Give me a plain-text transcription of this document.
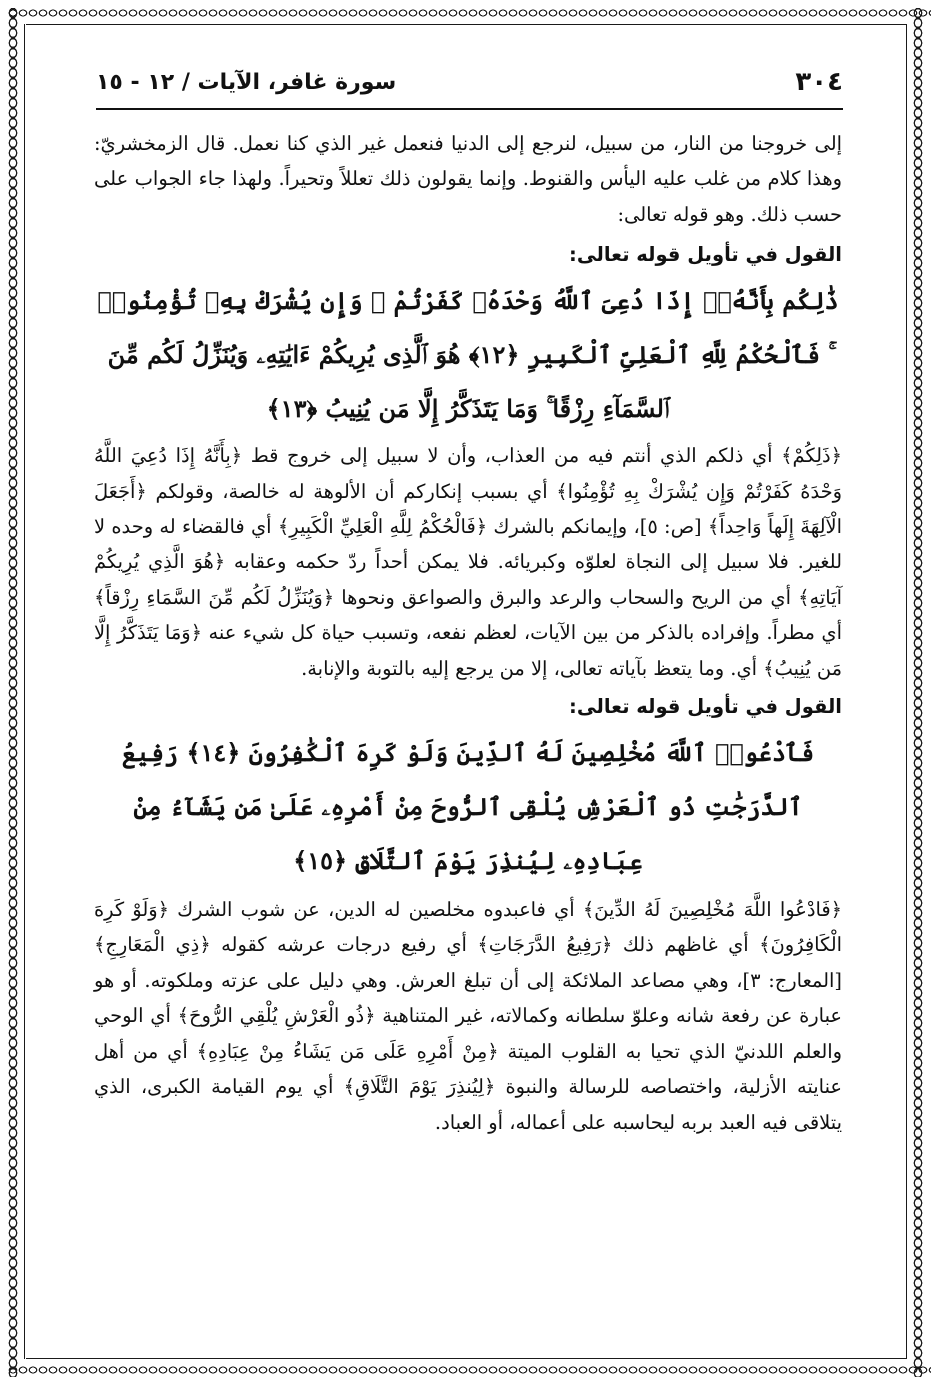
٣٠٤
سورة غافر، الآيات / ١٢ - ١٥

إلى خروجنا من النار، من سبيل، لنرجع إلى الدنيا فنعمل غير الذي كنا نعمل. قال الزمخشريّ: وهذا كلام من غلب عليه اليأس والقنوط. وإنما يقولون ذلك تعللاً وتحيراً. ولهذا جاء الجواب على حسب ذلك. وهو قوله تعالى:

القول في تأويل قوله تعالى:

ذَٰلِكُم بِأَنَّهُۥٓ إِذَا دُعِىَ ٱللَّهُ وَحْدَهُۥ كَفَرْتُمْ ۖ وَإِن يُشْرَكْ بِهِۦ تُؤْمِنُوا۟ ۚ فَٱلْحُكْمُ لِلَّهِ ٱلْعَلِىِّ ٱلْكَبِيرِ ﴿١٢﴾ هُوَ ٱلَّذِى يُرِيكُمْ ءَايَٰتِهِۦ وَيُنَزِّلُ لَكُم مِّنَ ٱلسَّمَآءِ رِزْقًا ۚ وَمَا يَتَذَكَّرُ إِلَّا مَن يُنِيبُ ﴿١٣﴾

﴿ذَلِكُمْ﴾ أي ذلكم الذي أنتم فيه من العذاب، وأن لا سبيل إلى خروج قط ﴿بِأَنَّهُ إِذَا دُعِيَ اللَّهُ وَحْدَهُ كَفَرْتُمْ وَإِن يُشْرَكْ بِهِ تُؤْمِنُوا﴾ أي بسبب إنكاركم أن الألوهة له خالصة، وقولكم ﴿أَجَعَلَ الْآلِهَةَ إِلَهاً وَاحِداً﴾ [ص: ٥]، وإيمانكم بالشرك ﴿فَالْحُكْمُ لِلَّهِ الْعَلِيِّ الْكَبِيرِ﴾ أي فالقضاء له وحده لا للغير. فلا سبيل إلى النجاة لعلوّه وكبريائه. فلا يمكن أحداً ردّ حكمه وعقابه ﴿هُوَ الَّذِي يُرِيكُمْ آيَاتِهِ﴾ أي من الريح والسحاب والرعد والبرق والصواعق ونحوها ﴿وَيُنَزِّلُ لَكُم مِّنَ السَّمَاءِ رِزْقاً﴾ أي مطراً. وإفراده بالذكر من بين الآيات، لعظم نفعه، وتسبب حياة كل شيء عنه ﴿وَمَا يَتَذَكَّرُ إِلَّا مَن يُنِيبُ﴾ أي. وما يتعظ بآياته تعالى، إلا من يرجع إليه بالتوبة والإنابة.

القول في تأويل قوله تعالى:

فَٱدْعُوا۟ ٱللَّهَ مُخْلِصِينَ لَهُ ٱلدِّينَ وَلَوْ كَرِهَ ٱلْكَٰفِرُونَ ﴿١٤﴾ رَفِيعُ ٱلدَّرَجَٰتِ ذُو ٱلْعَرْشِ يُلْقِى ٱلرُّوحَ مِنْ أَمْرِهِۦ عَلَىٰ مَن يَشَآءُ مِنْ عِبَادِهِۦ لِيُنذِرَ يَوْمَ ٱلتَّلَاقِ ﴿١٥﴾

﴿فَادْعُوا اللَّهَ مُخْلِصِينَ لَهُ الدِّينَ﴾ أي فاعبدوه مخلصين له الدين، عن شوب الشرك ﴿وَلَوْ كَرِهَ الْكَافِرُونَ﴾ أي غاظهم ذلك ﴿رَفِيعُ الدَّرَجَاتِ﴾ أي رفيع درجات عرشه كقوله ﴿ذِي الْمَعَارِجِ﴾ [المعارج: ٣]، وهي مصاعد الملائكة إلى أن تبلغ العرش. وهي دليل على عزته وملكوته. أو هو عبارة عن رفعة شانه وعلوّ سلطانه وكمالاته، غير المتناهية ﴿ذُو الْعَرْشِ يُلْقِي الرُّوحَ﴾ أي الوحي والعلم اللدنيّ الذي تحيا به القلوب الميتة ﴿مِنْ أَمْرِهِ عَلَى مَن يَشَاءُ مِنْ عِبَادِهِ﴾ أي من أهل عنايته الأزلية، واختصاصه للرسالة والنبوة ﴿لِيُنذِرَ يَوْمَ التَّلَاقِ﴾ أي يوم القيامة الكبرى، الذي يتلاقى فيه العبد بربه ليحاسبه على أعماله، أو العباد.
